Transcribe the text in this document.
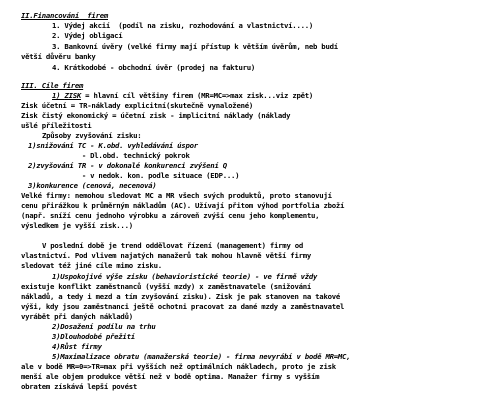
II.Financování  firem
1. Výdej akcií  (podíl na zisku, rozhodování a vlastnictví....)
2. Výdej obligací
3. Bankovní úvěry (velké firmy mají přístup k větším úvěrům, neb budí
větší důvěru banky
4. Krátkodobé - obchodní úvěr (prodej na fakturu)
III. Cíle firem
1) ZISK = hlavní cíl většiny firem (MR=MC=>max zisk...viz zpět)
Zisk účetní = TR-náklady explicitní(skutečně vynaložené)
Zisk čistý ekonomický = účetní zisk - implicitní náklady (náklady
ušlé příležitosti
Způsoby zvyšování zisku:
1)snižování TC - K.obd. vyhledávání úspor
- Dl.obd. technický pokrok
2)zvyšování TR - v dokonalé konkurenci zvýšení Q
- v nedok. kon. podle situace (EDP...)
3)konkurence (cenová, necenová)
Velké firmy: nemohou sledovat MC a MR všech svých produktů, proto stanovují
cenu přirážkou k průměrným nákladům (AC). Užívají přitom výhod portfolia zboží
(např. sníží cenu jednoho výrobku a zároveň zvýší cenu jeho komplementu,
výsledkem je vyšší zisk...)
V poslední době je trend oddělovat řízení (management) firmy od
vlastnictví. Pod vlivem najatých manažerů tak mohou hlavně větší firmy
sledovat též jiné cíle mimo zisku.
1)Uspokojivé výše zisku (behavioristické teorie) - ve firmě vždy
existuje konflikt zaměstnanců (vyšší mzdy) x zaměstnavatele (snižování
nákladů, a tedy i mezd a tím zvyšování zisku). Zisk je pak stanoven na takové
výši, kdy jsou zaměstnanci ještě ochotni pracovat za dané mzdy a zaměstnavatel
vyrábět při daných nákladů)
2)Dosažení podílu na trhu
3)Dlouhodobé přežití
4)Růst firmy
5)Maximalizace obratu (manažerská teorie) - firma nevyrábí v bodě MR=MC,
ale v bodě MR=0=>TR=max při vyšších než optimálních nákladech, proto je zisk
menší ale objem produkce větší než v bodě optima. Manažer firmy s vyšším
obratem získává lepší povést
